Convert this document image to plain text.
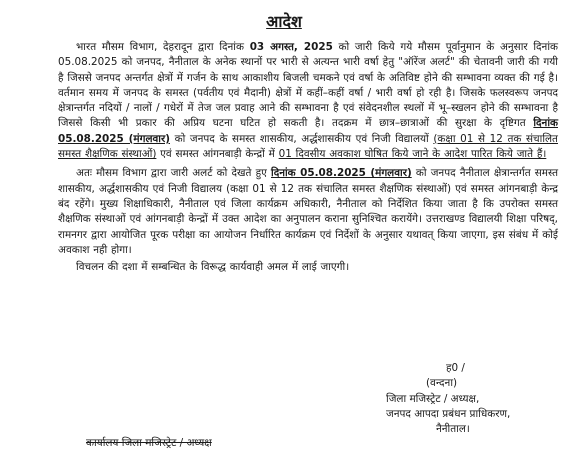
आदेश

भारत मौसम विभाग, देहरादून द्वारा दिनांक 03 अगस्त, 2025 को जारी किये गये मौसम पूर्वानुमान के अनुसार दिनांक 05.08.2025 को जनपद, नैनीताल के अनेक स्थानों पर भारी से अत्यन्त भारी वर्षा हेतु "ऑरेंज अलर्ट" की चेतावनी जारी की गयी है जिससे जनपद अन्तर्गत क्षेत्रों में गर्जन के साथ आकाशीय बिजली चमकने एवं वर्षा के अतिविष्ट होने की सम्भावना व्यक्त की गई है। वर्तमान समय में जनपद के समस्त (पर्वतीय एवं मैदानी) क्षेत्रों में कहीं–कहीं वर्षा / भारी वर्षा हो रही है। जिसके फलस्वरूप जनपद क्षेत्रान्तर्गत नदियों / नालों / गधेरों में तेज जल प्रवाह आने की सम्भावना है एवं संवेदनशील स्थलों में भू–स्खलन होने की सम्भावना है जिससे किसी भी प्रकार की अप्रिय घटना घटित हो सकती है। तदक्रम में छात्र–छात्राओं की सुरक्षा के दृष्टिगत दिनांक 05.08.2025 (मंगलवार) को जनपद के समस्त शासकीय, अर्द्धशासकीय एवं निजी विद्यालयों (कक्षा 01 से 12 तक संचालित समस्त शैक्षणिक संस्थाओं) एवं समस्त आंगनबाड़ी केन्द्रों में 01 दिवसीय अवकाश घोषित किये जाने के आदेश पारित किये जाते हैं।

अतः मौसम विभाग द्वारा जारी अलर्ट को देखते हुए दिनांक 05.08.2025 (मंगलवार) को जनपद नैनीताल क्षेत्रान्तर्गत समस्त शासकीय, अर्द्धशासकीय एवं निजी विद्यालय (कक्षा 01 से 12 तक संचालित समस्त शैक्षणिक संस्थाओं) एवं समस्त आंगनबाड़ी केन्द्र बंद रहेंगे। मुख्य शिक्षाधिकारी, नैनीताल एवं जिला कार्यक्रम अधिकारी, नैनीताल को निर्देशित किया जाता है कि उपरोक्त समस्त शैक्षणिक संस्थाओं एवं आंगनबाड़ी केन्द्रों में उक्त आदेश का अनुपालन कराना सुनिश्चित करायेंगे। उत्तराखण्ड विद्यालयी शिक्षा परिषद्, रामनगर द्वारा आयोजित पूरक परीक्षा का आयोजन निर्धारित कार्यक्रम एवं निर्देशों के अनुसार यथावत् किया जाएगा, इस संबंध में कोई अवकाश नही होगा।

विचलन की दशा में सम्बन्धित के विरूद्ध कार्यवाही अमल में लाई जाएगी।

ह0 /
(वन्दना)
जिला मजिस्ट्रेट / अध्यक्ष,
जनपद आपदा प्रबंधन प्राधिकरण,
नैनीताल।
कार्यालय जिला मजिस्ट्रेट / अध्यक्ष
